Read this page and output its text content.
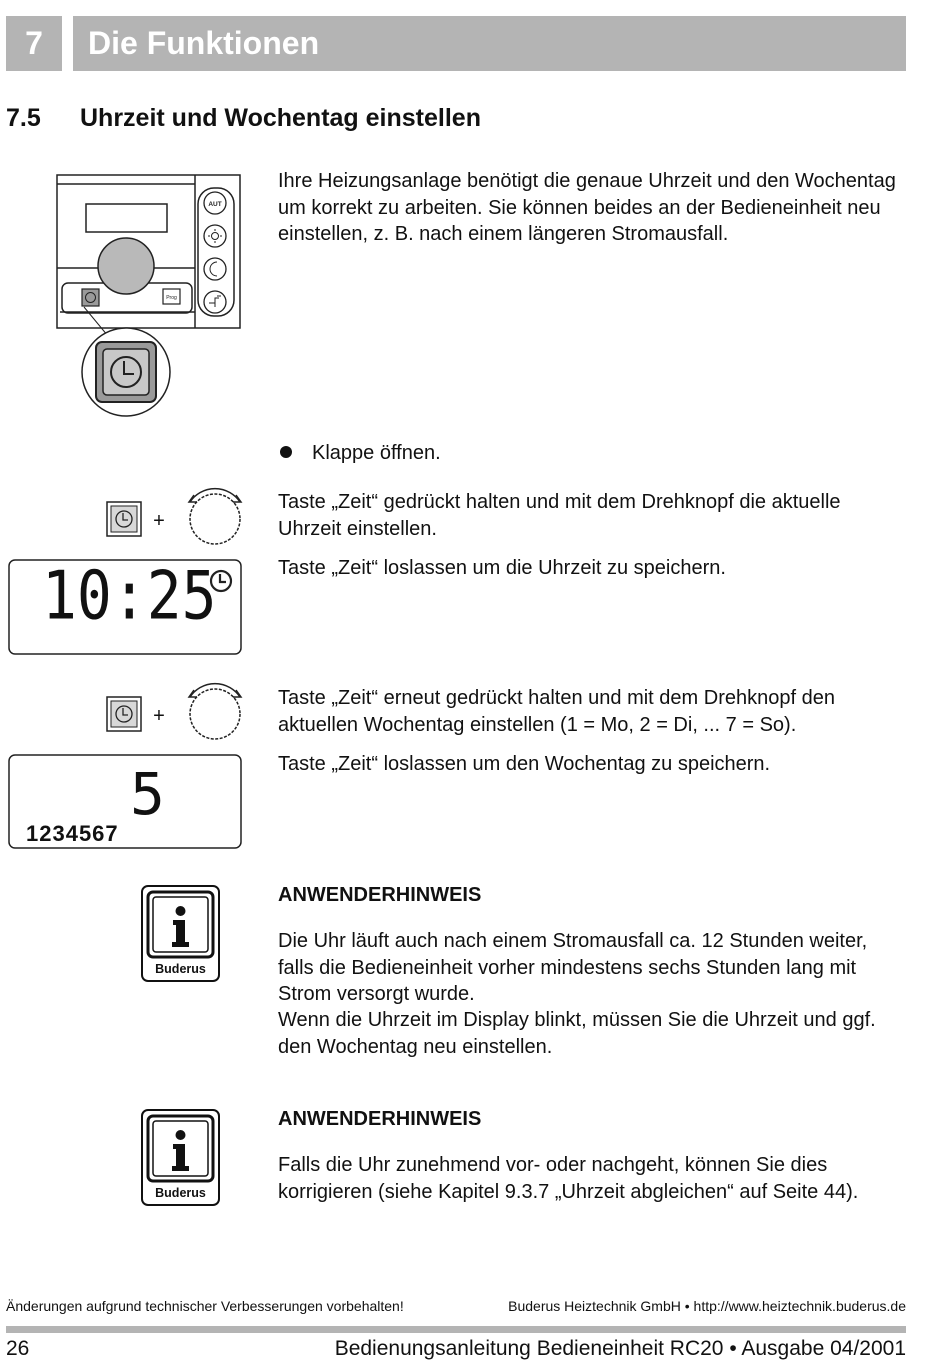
7	Die Funktionen
7.5 Uhrzeit und Wochentag einstellen
AUT
Prog
Ihre Heizungsanlage benötigt die genaue Uhrzeit und den Wochentag um korrekt zu arbeiten. Sie können beides an der Bedieneinheit neu einstellen, z. B. nach einem längeren Stromausfall.
Klappe öffnen.
+
10:25
Taste „Zeit“ gedrückt halten und mit dem Drehknopf die aktuelle Uhrzeit einstellen.
Taste „Zeit“ loslassen um die Uhrzeit zu speichern.
+
5
1234567
Taste „Zeit“ erneut gedrückt halten und mit dem Drehknopf den aktuellen Wochentag einstellen (1 = Mo, 2 = Di, ... 7 = So).
Taste „Zeit“ loslassen um den Wochentag zu speichern.
Buderus
ANWENDERHINWEIS
Die Uhr läuft auch nach einem Stromausfall ca. 12 Stunden weiter, falls die Bedieneinheit vorher mindestens sechs Stunden lang mit Strom versorgt wurde.
Wenn die Uhrzeit im Display blinkt, müssen Sie die Uhrzeit und ggf. den Wochentag neu einstellen.
Buderus
ANWENDERHINWEIS
Falls die Uhr zunehmend vor- oder nachgeht, können Sie dies korrigieren (siehe Kapitel 9.3.7 „Uhrzeit abgleichen“ auf Seite 44).
Änderungen aufgrund technischer Verbesserungen vorbehalten!	Buderus Heiztechnik GmbH • http://www.heiztechnik.buderus.de
26	Bedienungsanleitung Bedieneinheit RC20 • Ausgabe 04/2001
